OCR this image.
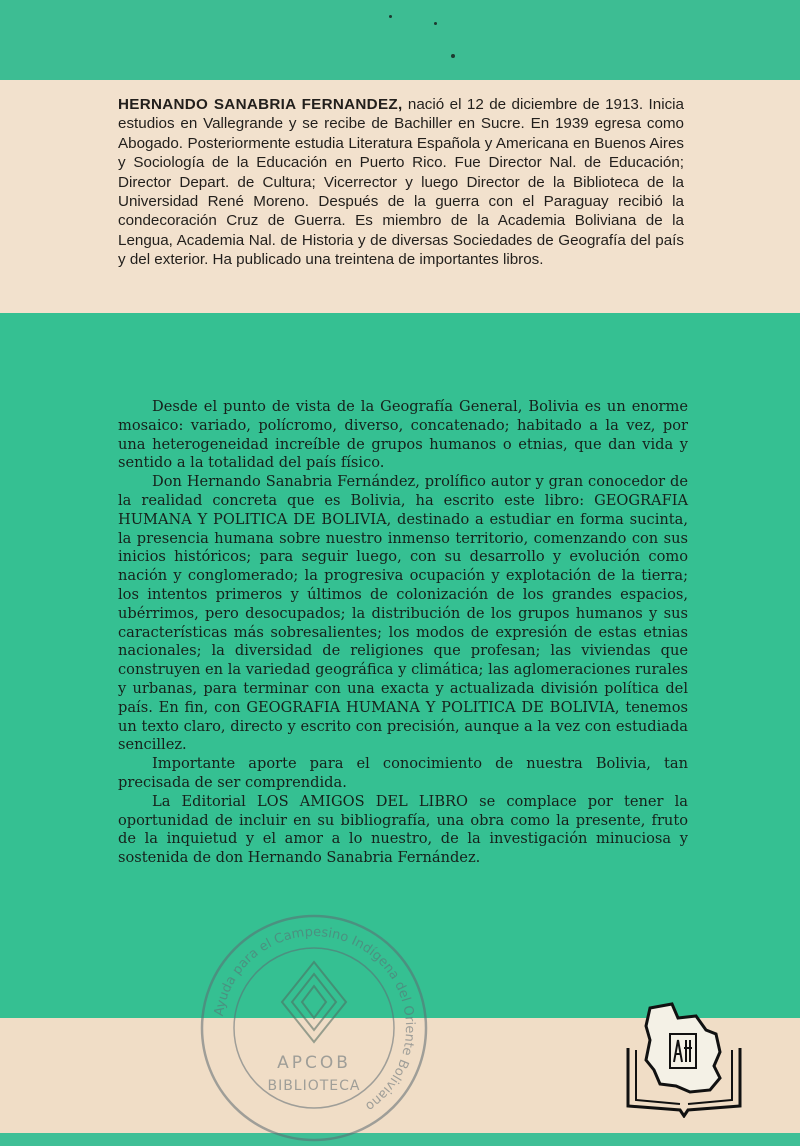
HERNANDO SANABRIA FERNANDEZ, nació el 12 de diciembre de 1913. Inicia estudios en Vallegrande y se recibe de Bachiller en Sucre. En 1939 egresa como Abogado. Posteriormente estudia Literatura Española y Americana en Buenos Aires y Sociología de la Educación en Puerto Rico. Fue Director Nal. de Educación; Director Depart. de Cultura; Vicerrector y luego Director de la Biblioteca de la Universidad René Moreno. Después de la guerra con el Paraguay recibió la condecoración Cruz de Guerra. Es miembro de la Academia Boliviana de la Lengua, Academia Nal. de Historia y de diversas Sociedades de Geografía del país y del exterior. Ha publicado una treintena de importantes libros.

Desde el punto de vista de la Geografía General, Bolivia es un enorme mosaico: variado, polícromo, diverso, concatenado; habitado a la vez, por una heterogeneidad increíble de grupos humanos o etnias, que dan vida y sentido a la totalidad del país físico.

Don Hernando Sanabria Fernández, prolífico autor y gran conocedor de la realidad concreta que es Bolivia, ha escrito este libro: GEOGRAFIA HUMANA Y POLITICA DE BOLIVIA, destinado a estudiar en forma sucinta, la presencia humana sobre nuestro inmenso territorio, comenzando con sus inicios históricos; para seguir luego, con su desarrollo y evolución como nación y conglomerado; la progresiva ocupación y explotación de la tierra; los intentos primeros y últimos de colonización de los grandes espacios, ubérrimos, pero desocupados; la distribución de los grupos humanos y sus características más sobresalientes; los modos de expresión de estas etnias nacionales; la diversidad de religiones que profesan; las viviendas que construyen en la variedad geográfica y climática; las aglomeraciones rurales y urbanas, para terminar con una exacta y actualizada división política del país. En fin, con GEOGRAFIA HUMANA Y POLITICA DE BOLIVIA, tenemos un texto claro, directo y escrito con precisión, aunque a la vez con estudiada sencillez.

Importante aporte para el conocimiento de nuestra Bolivia, tan precisada de ser comprendida.

La Editorial LOS AMIGOS DEL LIBRO se complace por tener la oportunidad de incluir en su bibliografía, una obra como la presente, fruto de la inquietud y el amor a lo nuestro, de la investigación minuciosa y sostenida de don Hernando Sanabria Fernández.

Ayuda para el Campesino Indígena del Oriente Boliviano
APCOB
BIBLIOTECA
